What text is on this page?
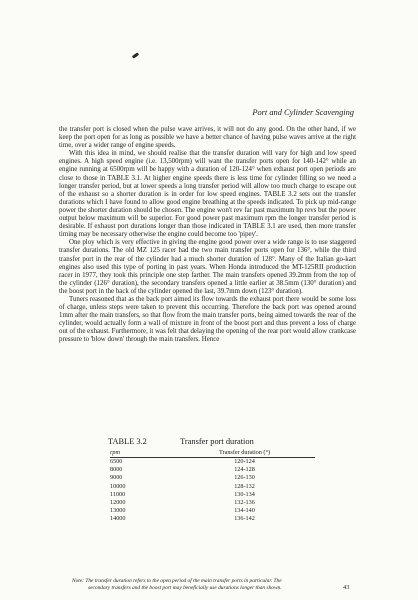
Port and Cylinder Scavenging

the transfer port is closed when the pulse wave arrives, it will not do any good. On the other hand, if we keep the port open for as long as possible we have a better chance of having pulse waves arrive at the right time, over a wider range of engine speeds.

With this idea in mind, we should realise that the transfer duration will vary for high and low speed engines. A high speed engine (i.e. 13,500rpm) will want the transfer ports open for 140-142° while an engine running at 6500rpm will be happy with a duration of 120-124° when exhaust port open periods are close to those in TABLE 3.1. At higher engine speeds there is less time for cylinder filling so we need a longer transfer period, but at lower speeds a long transfer period will allow too much charge to escape out of the exhaust so a shorter duration is in order for low speed engines. TABLE 3.2 sets out the transfer durations which I have found to allow good engine breathing at the speeds indicated. To pick up mid-range power the shorter duration should be chosen. The engine won't rev far past maximum hp revs but the power output below maximum will be superior. For good power past maximum rpm the longer transfer period is desirable. If exhaust port durations longer than those indicated in TABLE 3.1 are used, then more transfer timing may be necessary otherwise the engine could become too 'pipey'.

One ploy which is very effective in giving the engine good power over a wide range is to use staggered transfer durations. The old MZ 125 racer had the two main transfer ports open for 136°, while the third transfer port in the rear of the cylinder had a much shorter duration of 128°. Many of the Italian go-kart engines also used this type of porting in past years. When Honda introduced the MT-125RII production racer in 1977, they took this principle one step farther. The main transfers opened 39.2mm from the top of the cylinder (126° duration), the secondary transfers opened a little earlier at 38.5mm (130° duration) and the boost port in the back of the cylinder opened the last, 39.7mm down (123° duration).

Tuners reasoned that as the back port aimed its flow towards the exhaust port there would be some loss of charge, unless steps were taken to prevent this occurring. Therefore the back port was opened around 1mm after the main transfers, so that flow from the main transfer ports, being aimed towards the rear of the cylinder, would actually form a wall of mixture in front of the boost port and thus prevent a loss of charge out of the exhaust. Furthermore, it was felt that delaying the opening of the rear port would allow crankcase pressure to 'blow down' through the main transfers. Hence

TABLE 3.2	Transfer port duration
rpm	Transfer duration (°)
6500	120-124
8000	124-128
9000	126-130
10000	128-132
11000	130-134
12000	132-136
13000	134-140
14000	136-142
Note: The transfer duration refers to the open period of the main transfer ports in particular. The
secondary transfers and the boost port may beneficially use durations longer than shown.	43
